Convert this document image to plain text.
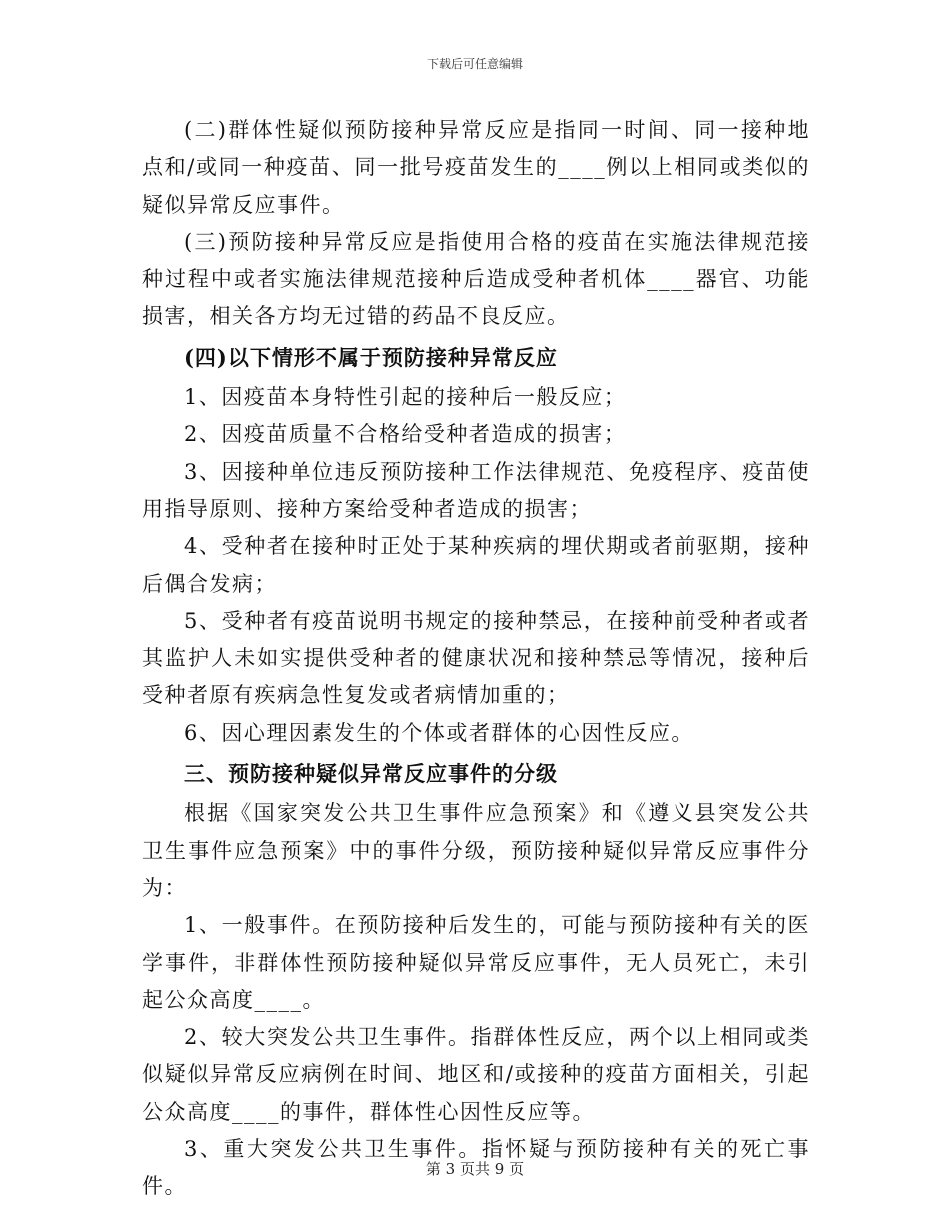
下载后可任意编辑

(二)群体性疑似预防接种异常反应是指同一时间、同一接种地点和/或同一种疫苗、同一批号疫苗发生的____例以上相同或类似的疑似异常反应事件。

(三)预防接种异常反应是指使用合格的疫苗在实施法律规范接种过程中或者实施法律规范接种后造成受种者机体____器官、功能损害，相关各方均无过错的药品不良反应。

(四)以下情形不属于预防接种异常反应

1、因疫苗本身特性引起的接种后一般反应；

2、因疫苗质量不合格给受种者造成的损害；

3、因接种单位违反预防接种工作法律规范、免疫程序、疫苗使用指导原则、接种方案给受种者造成的损害；

4、受种者在接种时正处于某种疾病的埋伏期或者前驱期，接种后偶合发病；

5、受种者有疫苗说明书规定的接种禁忌，在接种前受种者或者其监护人未如实提供受种者的健康状况和接种禁忌等情况，接种后受种者原有疾病急性复发或者病情加重的；

6、因心理因素发生的个体或者群体的心因性反应。

三、预防接种疑似异常反应事件的分级

根据《国家突发公共卫生事件应急预案》和《遵义县突发公共卫生事件应急预案》中的事件分级，预防接种疑似异常反应事件分为：

1、一般事件。在预防接种后发生的，可能与预防接种有关的医学事件，非群体性预防接种疑似异常反应事件，无人员死亡，未引起公众高度____。

2、较大突发公共卫生事件。指群体性反应，两个以上相同或类似疑似异常反应病例在时间、地区和/或接种的疫苗方面相关，引起公众高度____的事件，群体性心因性反应等。

3、重大突发公共卫生事件。指怀疑与预防接种有关的死亡事件。

第 3 页共 9 页
